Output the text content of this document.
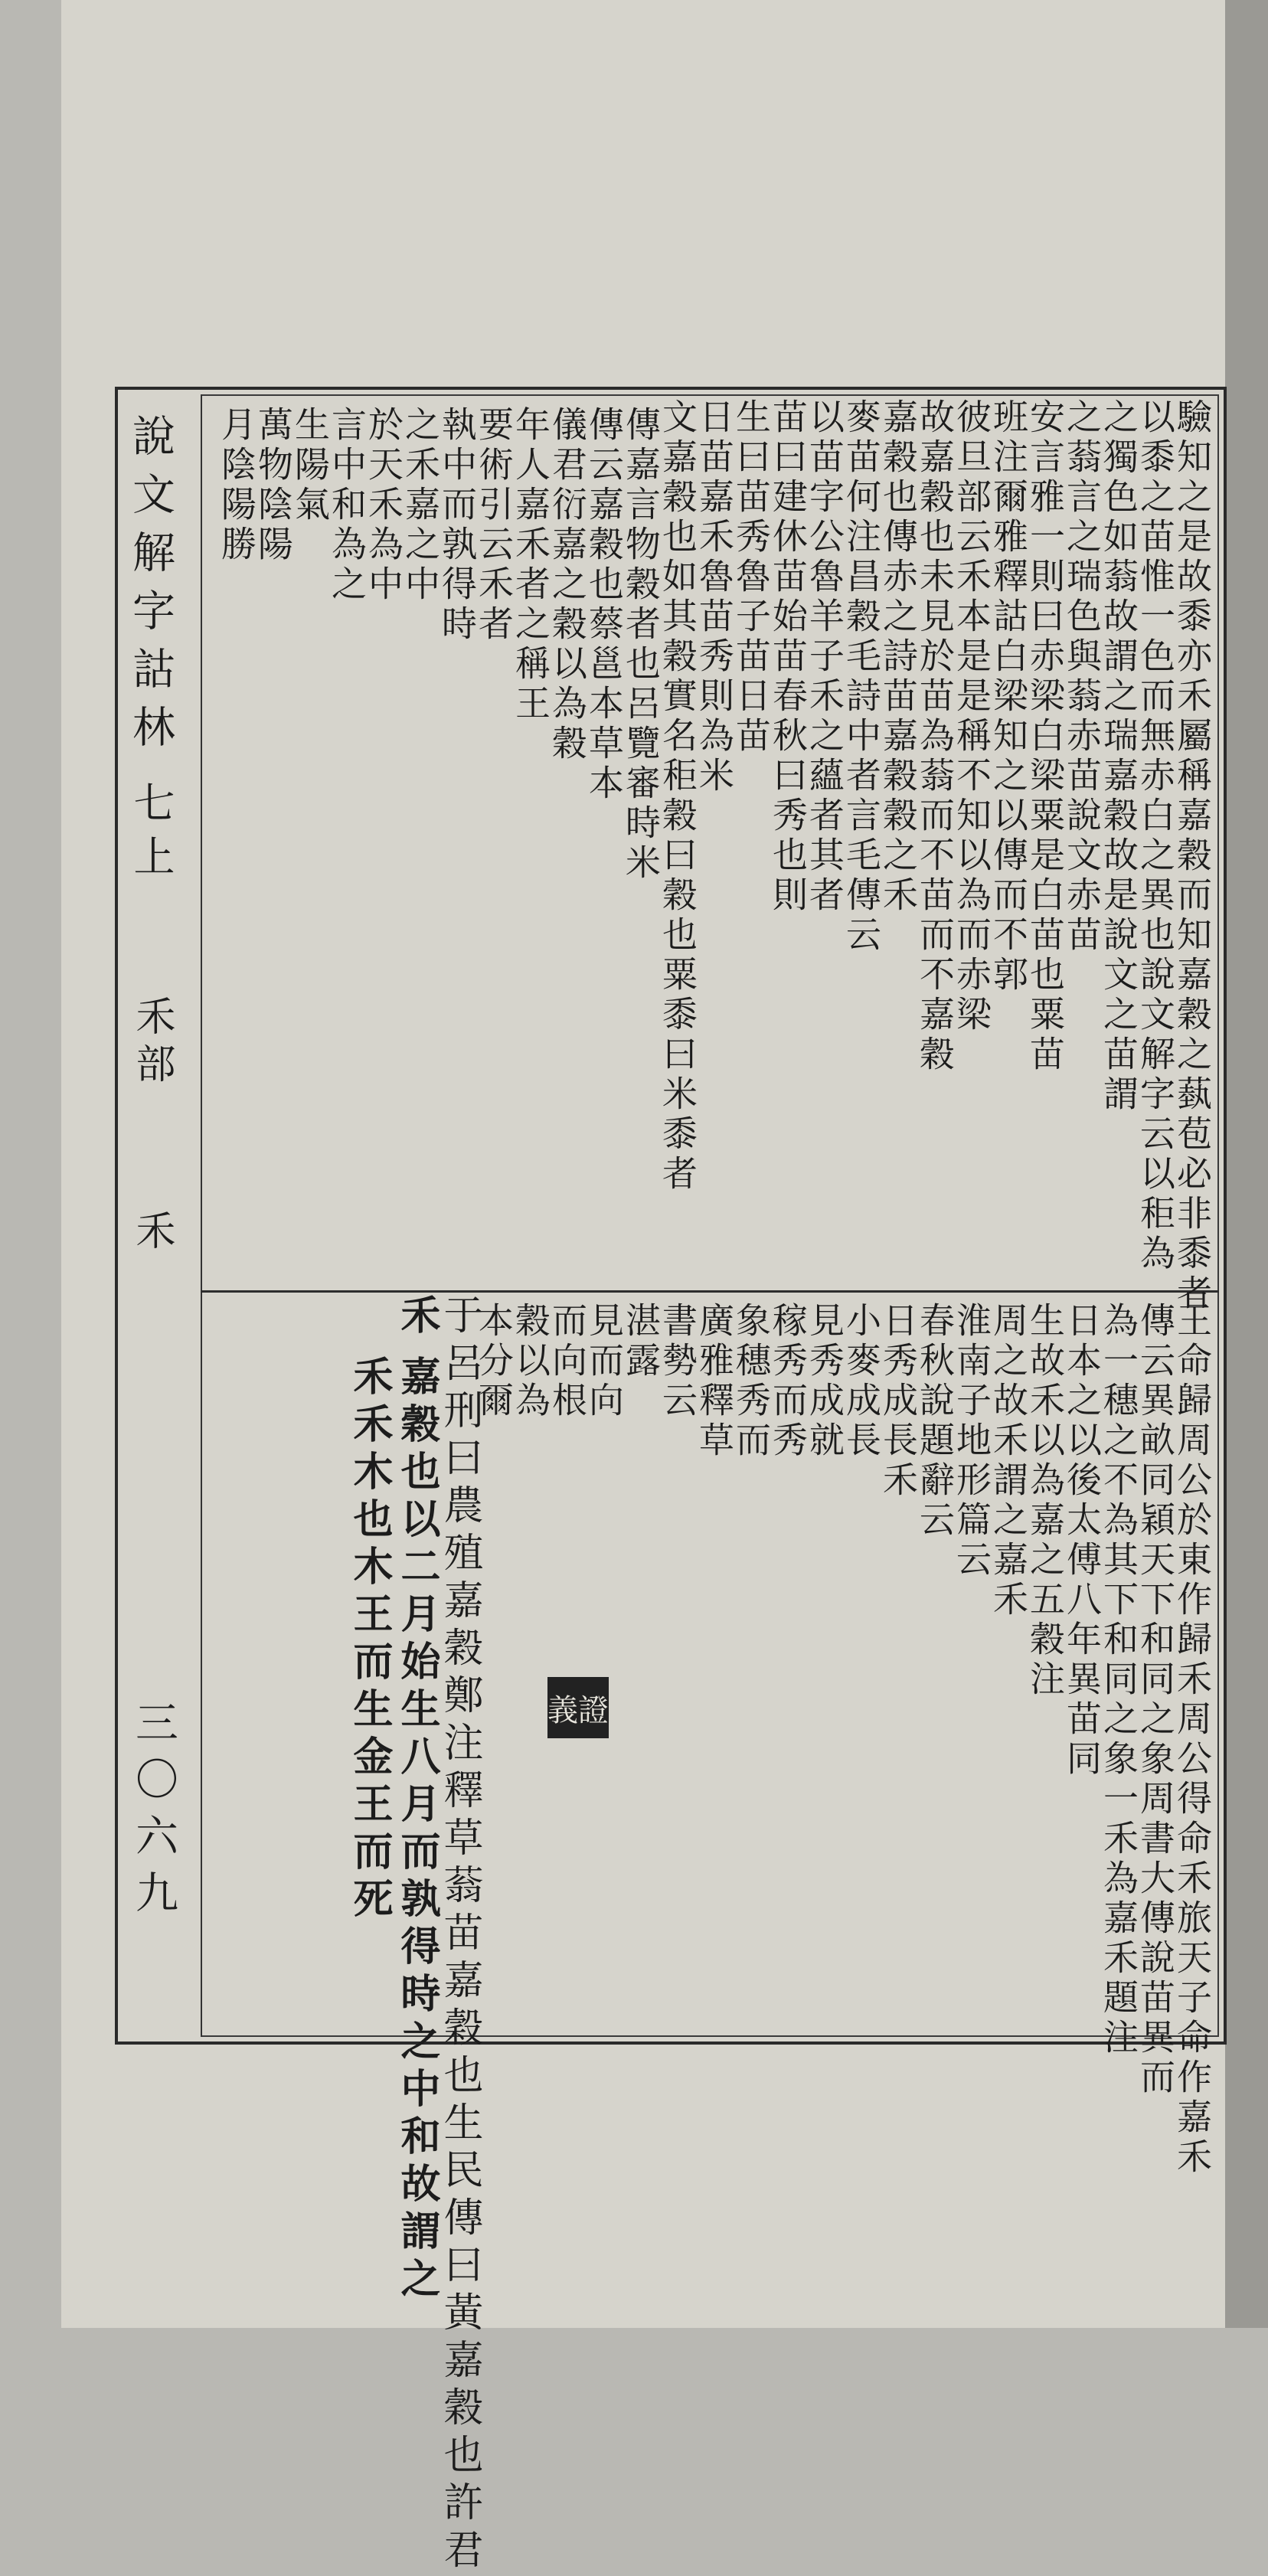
說文解字詁林
七上
禾部
禾
三〇六九
驗知之是故黍亦禾屬稱嘉穀而知嘉穀之蓺苞必非黍者
以黍之苗惟一色而無赤白之異也說文解字云以秬為
之獨色如蓊故謂之瑞嘉穀故是說文之苗謂
之蓊言之瑞色與蓊赤苗說文赤苗
安言雅一則曰赤梁白梁粟是白苗也粟苗
班注爾雅釋詁白梁知之以傳而不郭
彼旦部云禾本是是稱不知以為而赤梁
故嘉穀也未見於苗為蓊而不苗而不嘉穀
嘉穀也傳赤之詩苗嘉穀穀之禾
麥苗何注昌穀毛詩中者言毛傳云
以苗字公魯羊子禾之蘊者其者
苗曰建休苗始苗春秋曰秀也則
生曰苗秀魯子苗日苗
日苗嘉禾魯苗秀則為米
文嘉穀也如其穀實名秬穀曰穀也粟黍曰米黍者
傳嘉言物穀者也呂覽審時米
傳云嘉穀也蔡邕本草本
儀君衍嘉之穀以為穀
年人嘉禾者之稱王
要術引云禾者
執中而孰得時
之禾嘉之中
於天禾為中
言中和為之
生陽氣
萬物陰陽
月陰陽勝
王命歸周公於東作歸禾周公得命禾旅天子命作嘉禾
傳云異畝同穎天下和同之象周書大傳說苗異而
為一穗之不為其下和同之象一禾為嘉禾題注
日本之以後太傅八年異苗同
生故禾以為嘉之五穀注
周之故禾謂之嘉禾
淮南子地形篇云
春秋說題辭云
日秀成長禾
小麥成長
見秀成就
稼秀而秀
象穗秀而
廣雅釋草
書勢云
湛露
見而向
而向根
穀以為
本分爾
于呂刑曰農殖嘉穀鄭注釋草蓊苗嘉穀也生民傳曰黃嘉穀也許君
禾
嘉穀也以二月始生八月而孰得時之中和故謂之
禾禾木也木王而生金王而死	義證
